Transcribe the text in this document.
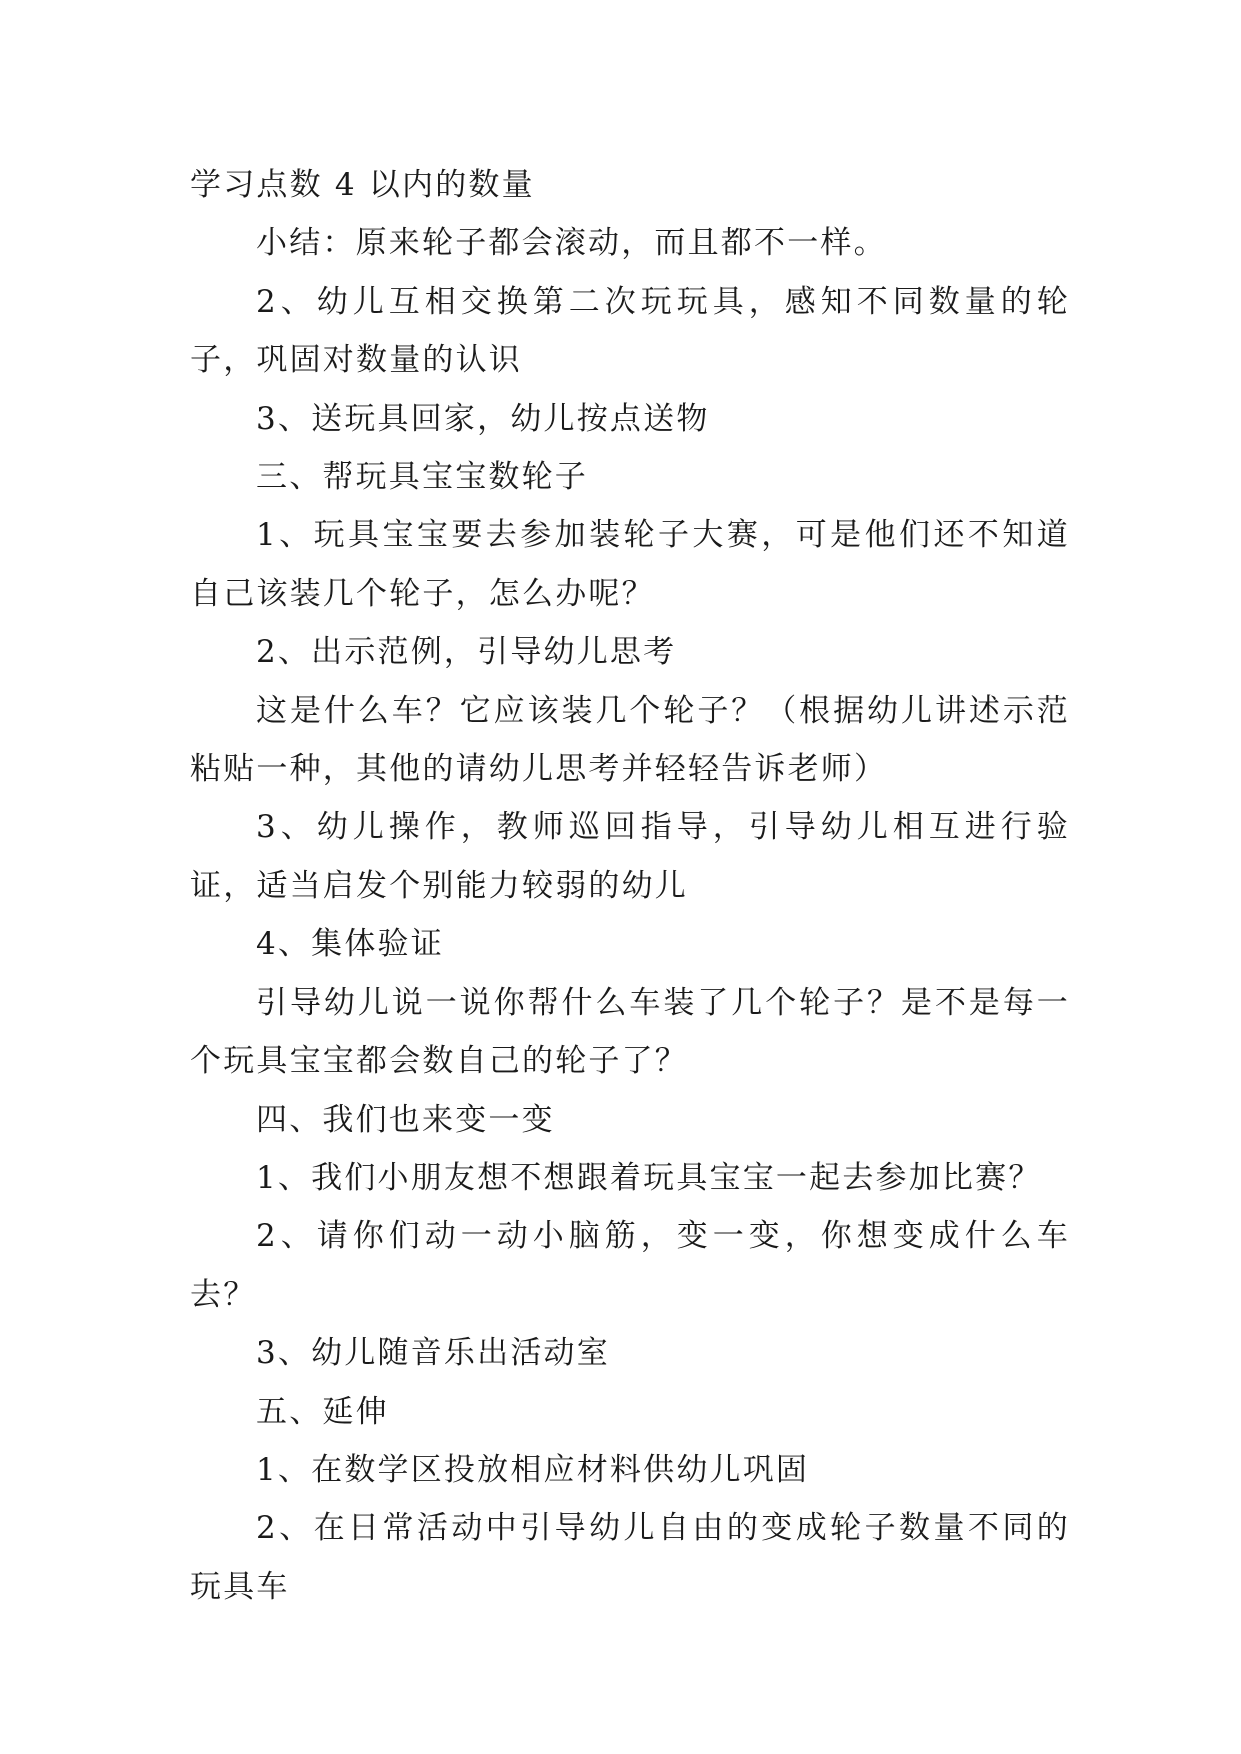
学习点数 4 以内的数量

小结：原来轮子都会滚动，而且都不一样。

2、幼儿互相交换第二次玩玩具，感知不同数量的轮子，巩固对数量的认识

3、送玩具回家，幼儿按点送物

三、帮玩具宝宝数轮子

1、玩具宝宝要去参加装轮子大赛，可是他们还不知道自己该装几个轮子，怎么办呢？

2、出示范例，引导幼儿思考

这是什么车？它应该装几个轮子？（根据幼儿讲述示范粘贴一种，其他的请幼儿思考并轻轻告诉老师）

3、幼儿操作，教师巡回指导，引导幼儿相互进行验证，适当启发个别能力较弱的幼儿

4、集体验证

引导幼儿说一说你帮什么车装了几个轮子？是不是每一个玩具宝宝都会数自己的轮子了？

四、我们也来变一变

1、我们小朋友想不想跟着玩具宝宝一起去参加比赛？

2、请你们动一动小脑筋，变一变，你想变成什么车去？

3、幼儿随音乐出活动室

五、延伸

1、在数学区投放相应材料供幼儿巩固

2、在日常活动中引导幼儿自由的变成轮子数量不同的玩具车
